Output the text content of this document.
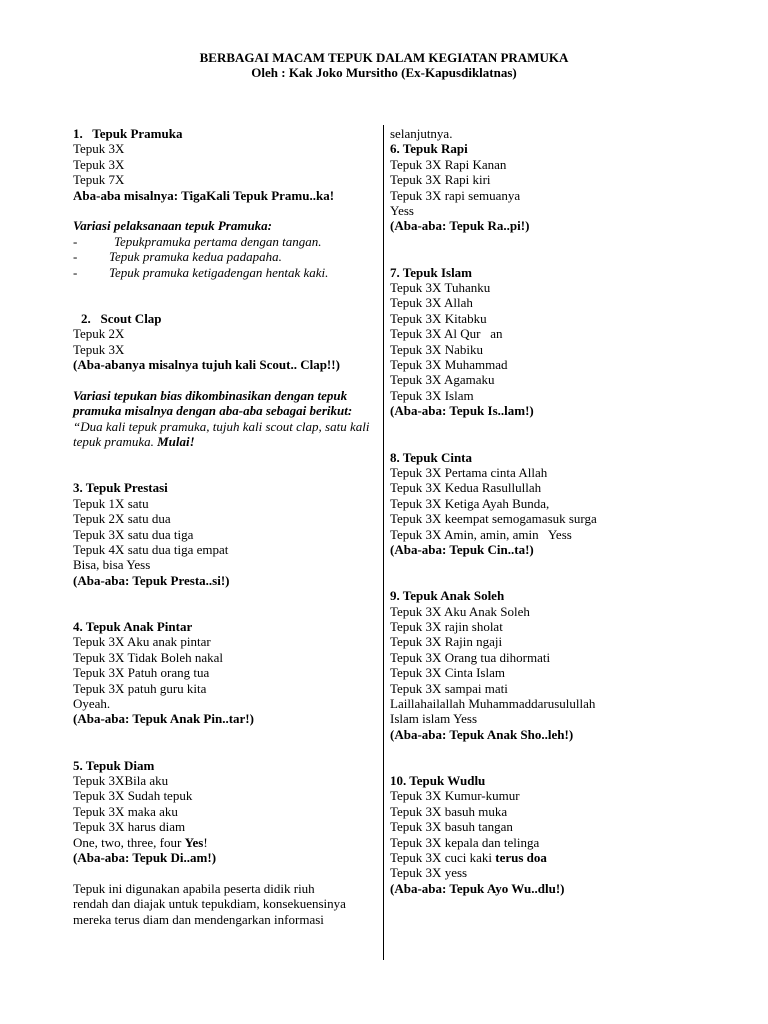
BERBAGAI MACAM TEPUK DALAM KEGIATAN PRAMUKA
Oleh : Kak Joko Mursitho (Ex-Kapusdiklatnas)
1.   Tepuk Pramuka
Tepuk 3X
Tepuk 3X
Tepuk 7X
Aba-aba misalnya: TigaKali Tepuk Pramu..ka!
Variasi pelaksanaan tepuk Pramuka:
-	Tepukpramuka pertama dengan tangan.
-	Tepuk pramuka kedua padapaha.
-	Tepuk pramuka ketigadengan hentak kaki.
2.   Scout Clap
Tepuk 2X
Tepuk 3X
(Aba-abanya misalnya tujuh kali Scout.. Clap!!)
Variasi tepukan bias dikombinasikan dengan tepuk pramuka misalnya dengan aba-aba sebagai berikut:
“Dua kali tepuk pramuka, tujuh kali scout clap, satu kali tepuk pramuka. Mulai!
3. Tepuk Prestasi
Tepuk 1X satu
Tepuk 2X satu dua
Tepuk 3X satu dua tiga
Tepuk 4X satu dua tiga empat
Bisa, bisa Yess
(Aba-aba: Tepuk Presta..si!)
4. Tepuk Anak Pintar
Tepuk 3X Aku anak pintar
Tepuk 3X Tidak Boleh nakal
Tepuk 3X Patuh orang tua
Tepuk 3X patuh guru kita
Oyeah.
(Aba-aba: Tepuk Anak Pin..tar!)
5. Tepuk Diam
Tepuk 3XBila aku
Tepuk 3X Sudah tepuk
Tepuk 3X maka aku
Tepuk 3X harus diam
One, two, three, four Yes!
(Aba-aba: Tepuk Di..am!)
Tepuk ini digunakan apabila peserta didik riuh
rendah dan diajak untuk tepukdiam, konsekuensinya
mereka terus diam dan mendengarkan informasi
selanjutnya.
6. Tepuk Rapi
Tepuk 3X Rapi Kanan
Tepuk 3X Rapi kiri
Tepuk 3X rapi semuanya
Yess
(Aba-aba: Tepuk Ra..pi!)
7. Tepuk Islam
Tepuk 3X Tuhanku
Tepuk 3X Allah
Tepuk 3X Kitabku
Tepuk 3X Al Qur   an
Tepuk 3X Nabiku
Tepuk 3X Muhammad
Tepuk 3X Agamaku
Tepuk 3X Islam
(Aba-aba: Tepuk Is..lam!)
8. Tepuk Cinta
Tepuk 3X Pertama cinta Allah
Tepuk 3X Kedua Rasullullah
Tepuk 3X Ketiga Ayah Bunda,
Tepuk 3X keempat semogamasuk surga
Tepuk 3X Amin, amin, amin   Yess
(Aba-aba: Tepuk Cin..ta!)
9. Tepuk Anak Soleh
Tepuk 3X Aku Anak Soleh
Tepuk 3X rajin sholat
Tepuk 3X Rajin ngaji
Tepuk 3X Orang tua dihormati
Tepuk 3X Cinta Islam
Tepuk 3X sampai mati
Laillahailallah Muhammaddarusulullah
Islam islam Yess
(Aba-aba: Tepuk Anak Sho..leh!)
10. Tepuk Wudlu
Tepuk 3X Kumur-kumur
Tepuk 3X basuh muka
Tepuk 3X basuh tangan
Tepuk 3X kepala dan telinga
Tepuk 3X cuci kaki terus doa
Tepuk 3X yess
(Aba-aba: Tepuk Ayo Wu..dlu!)
